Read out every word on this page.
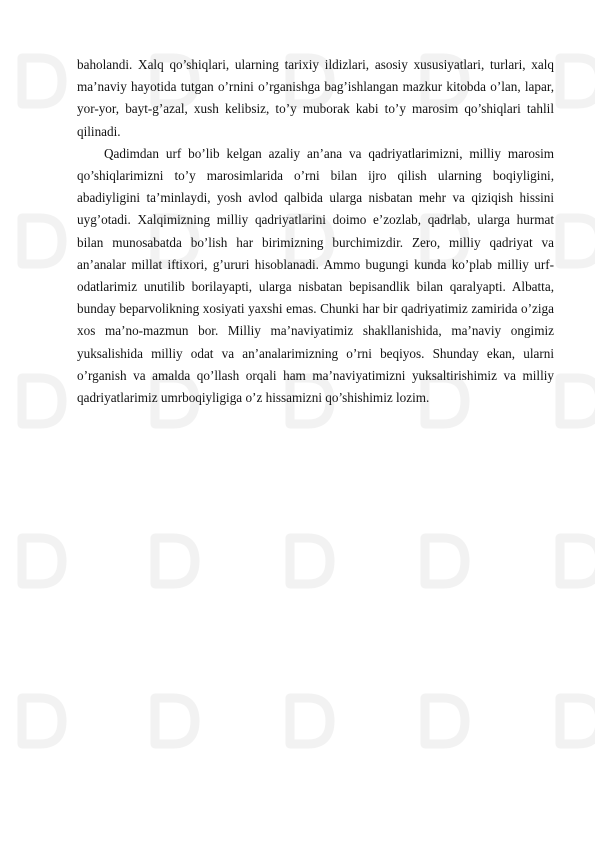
baholandi. Xalq qo’shiqlari, ularning tarixiy ildizlari, asosiy xususiyatlari, turlari, xalq ma’naviy hayotida tutgan o’rnini o’rganishga bag’ishlangan mazkur kitobda o’lan, lapar, yor-yor, bayt-g’azal, xush kelibsiz, to’y muborak kabi to’y marosim qo’shiqlari tahlil qilinadi.

Qadimdan urf bo’lib kelgan azaliy an’ana va qadriyatlarimizni, milliy marosim qo’shiqlarimizni to’y marosimlarida o’rni bilan ijro qilish ularning boqiyligini, abadiyligini ta’minlaydi, yosh avlod qalbida ularga nisbatan mehr va qiziqish hissini uyg’otadi. Xalqimizning milliy qadriyatlarini doimo e’zozlab, qadrlab, ularga hurmat bilan munosabatda bo’lish har birimizning burchimizdir. Zero, milliy qadriyat va an’analar millat iftixori, g’ururi hisoblanadi. Ammo bugungi kunda ko’plab milliy urf-odatlarimiz unutilib borilayapti, ularga nisbatan bepisandlik bilan qaralyapti. Albatta, bunday beparvolikning xosiyati yaxshi emas. Chunki har bir qadriyatimiz zamirida o’ziga xos ma’no-mazmun bor. Milliy ma’naviyatimiz shakllanishida, ma’naviy ongimiz yuksalishida milliy odat va an’analarimizning o’rni beqiyos. Shunday ekan, ularni o’rganish va amalda qo’llash orqali ham ma’naviyatimizni yuksaltirishimiz va milliy qadriyatlarimiz umrboqiyligiga o’z hissamizni qo’shishimiz lozim.
